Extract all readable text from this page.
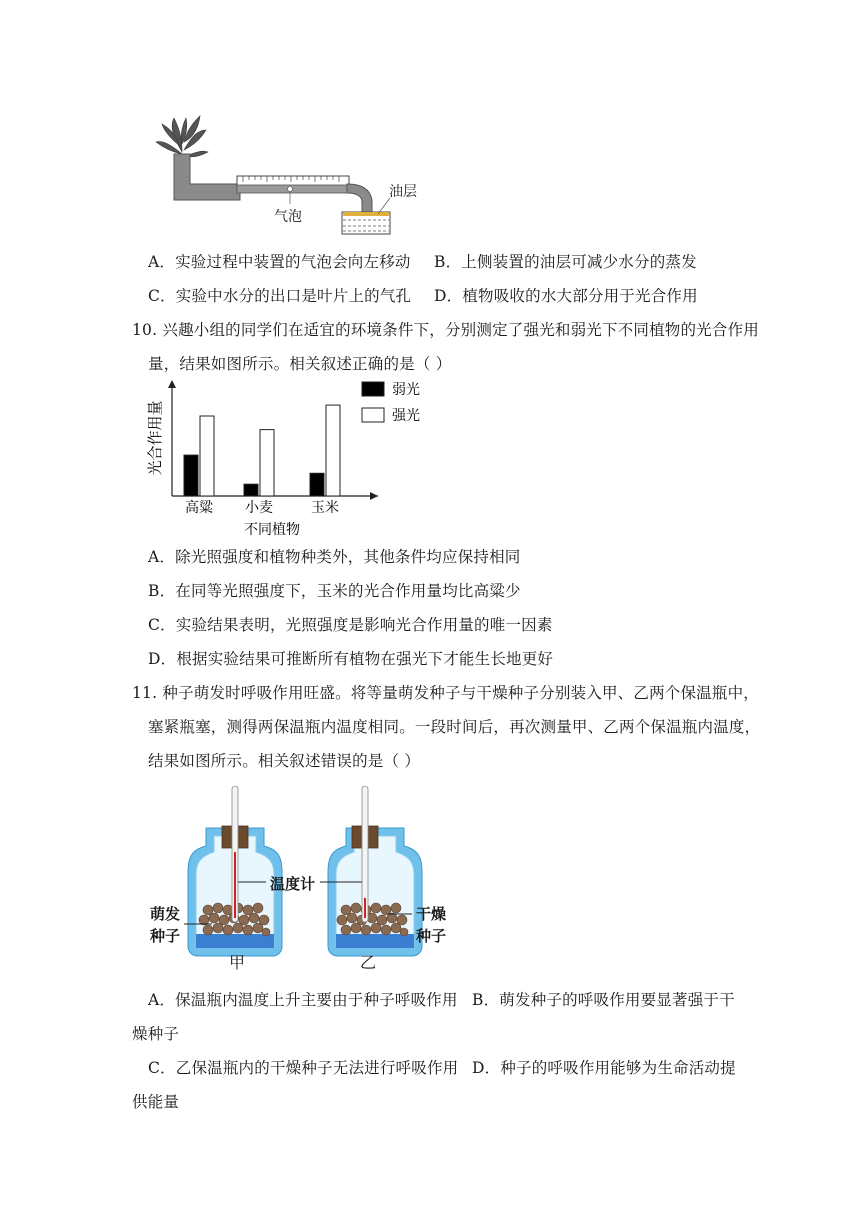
气泡
油层
A．实验过程中装置的气泡会向左移动 B．上侧装置的油层可减少水分的蒸发
C．实验中水分的出口是叶片上的气孔 D．植物吸收的水大部分用于光合作用
10. 兴趣小组的同学们在适宜的环境条件下，分别测定了强光和弱光下不同植物的光合作用
量，结果如图所示。相关叙述正确的是（ ）
光合作用量
高粱 小麦	玉米
不同植物
弱光
强光
A．除光照强度和植物种类外，其他条件均应保持相同
B．在同等光照强度下，玉米的光合作用量均比高粱少
C．实验结果表明，光照强度是影响光合作用量的唯一因素
D．根据实验结果可推断所有植物在强光下才能生长地更好
11. 种子萌发时呼吸作用旺盛。将等量萌发种子与干燥种子分别装入甲、乙两个保温瓶中，
塞紧瓶塞，测得两保温瓶内温度相同。一段时间后，再次测量甲、乙两个保温瓶内温度，
结果如图所示。相关叙述错误的是（ ）
温度计
萌发
种子
干燥
种子
甲	乙
A．保温瓶内温度上升主要由于种子呼吸作用 B．萌发种子的呼吸作用要显著强于干
燥种子
C．乙保温瓶内的干燥种子无法进行呼吸作用 D．种子的呼吸作用能够为生命活动提
供能量
